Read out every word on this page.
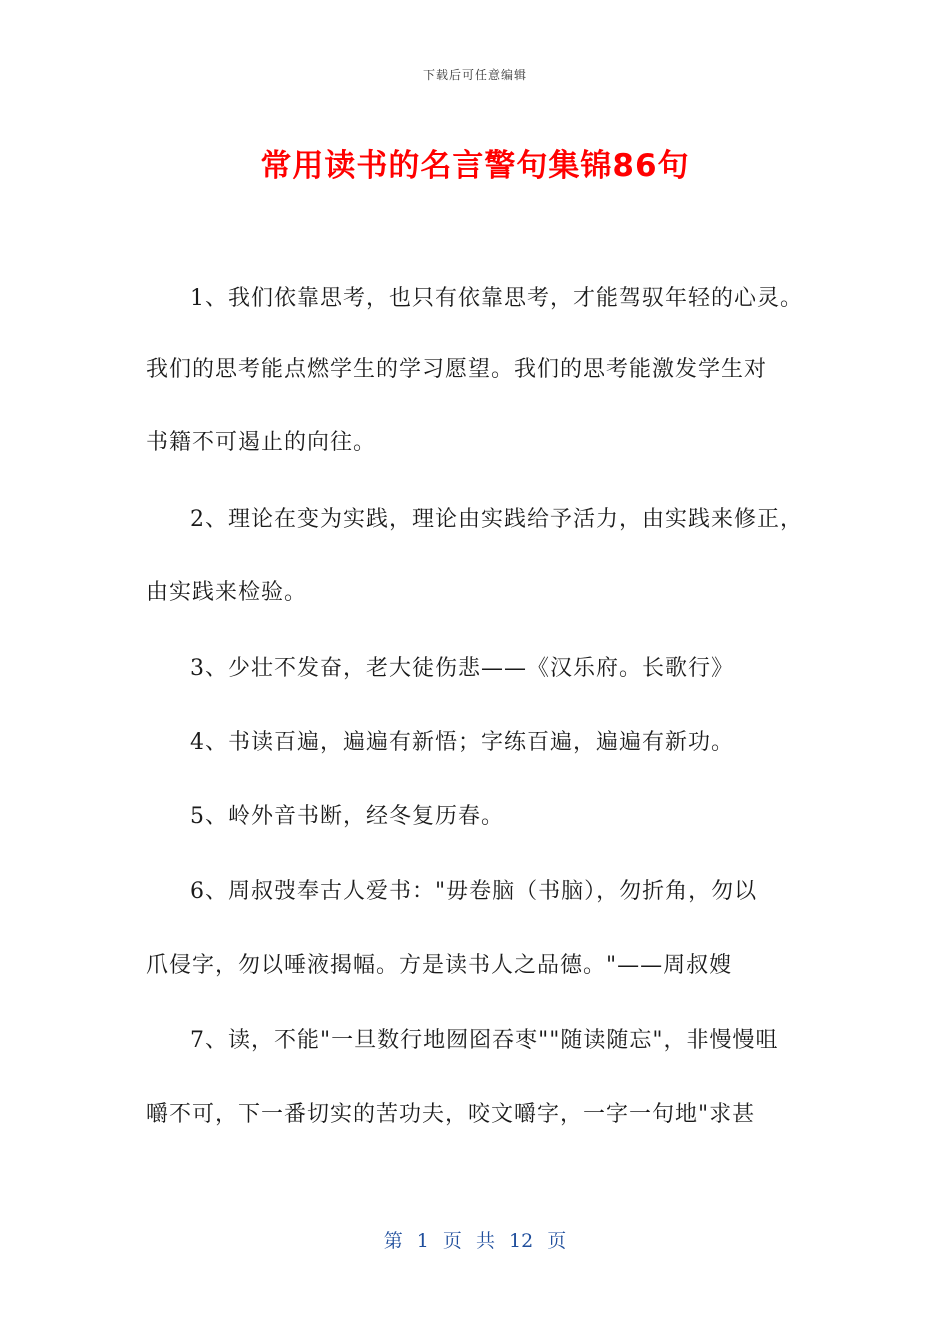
下载后可任意编辑
常用读书的名言警句集锦86句
1、我们依靠思考，也只有依靠思考，才能驾驭年轻的心灵。
我们的思考能点燃学生的学习愿望。我们的思考能激发学生对
书籍不可遏止的向往。
2、理论在变为实践，理论由实践给予活力，由实践来修正，
由实践来检验。
3、少壮不发奋，老大徒伤悲——《汉乐府。长歌行》
4、书读百遍，遍遍有新悟；字练百遍，遍遍有新功。
5、岭外音书断，经冬复历春。
6、周叔弢奉古人爱书："毋卷脑（书脑），勿折角，勿以
爪侵字，勿以唾液揭幅。方是读书人之品德。"——周叔嫂
7、读，不能"一旦数行地囫囵吞枣""随读随忘"，非慢慢咀
嚼不可，下一番切实的苦功夫，咬文嚼字，一字一句地"求甚
第 1 页 共 12 页
